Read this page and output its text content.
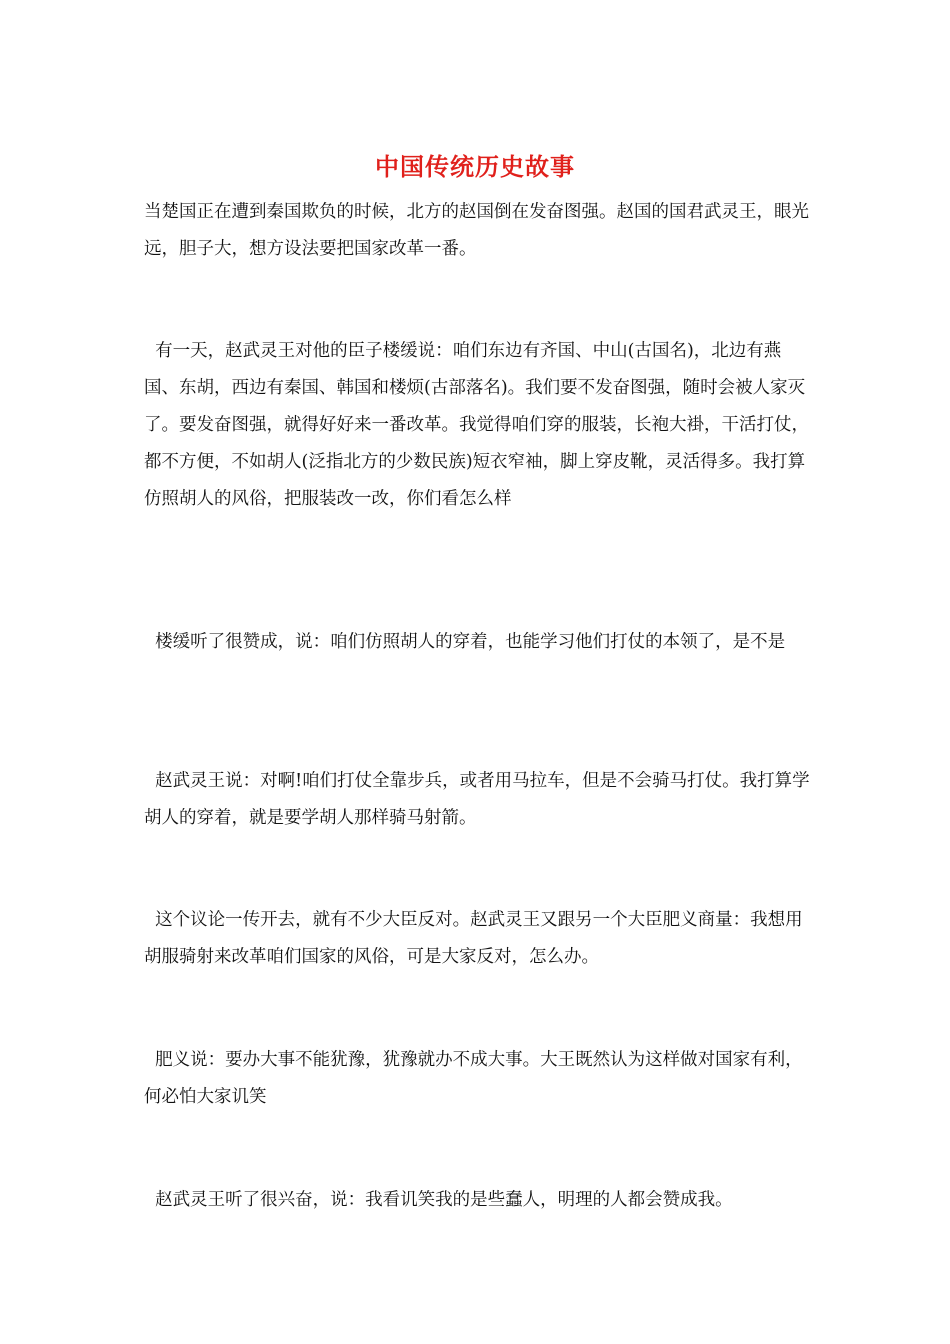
中国传统历史故事

当楚国正在遭到秦国欺负的时候，北方的赵国倒在发奋图强。赵国的国君武灵王，眼光远，胆子大，想方设法要把国家改革一番。

有一天，赵武灵王对他的臣子楼缓说：咱们东边有齐国、中山(古国名)，北边有燕国、东胡，西边有秦国、韩国和楼烦(古部落名)。我们要不发奋图强，随时会被人家灭了。要发奋图强，就得好好来一番改革。我觉得咱们穿的服装，长袍大褂，干活打仗，都不方便，不如胡人(泛指北方的少数民族)短衣窄袖，脚上穿皮靴，灵活得多。我打算仿照胡人的风俗，把服装改一改，你们看怎么样

楼缓听了很赞成，说：咱们仿照胡人的穿着，也能学习他们打仗的本领了，是不是

赵武灵王说：对啊!咱们打仗全靠步兵，或者用马拉车，但是不会骑马打仗。我打算学胡人的穿着，就是要学胡人那样骑马射箭。

这个议论一传开去，就有不少大臣反对。赵武灵王又跟另一个大臣肥义商量：我想用胡服骑射来改革咱们国家的风俗，可是大家反对，怎么办。

肥义说：要办大事不能犹豫，犹豫就办不成大事。大王既然认为这样做对国家有利，何必怕大家讥笑

赵武灵王听了很兴奋，说：我看讥笑我的是些蠢人，明理的人都会赞成我。
